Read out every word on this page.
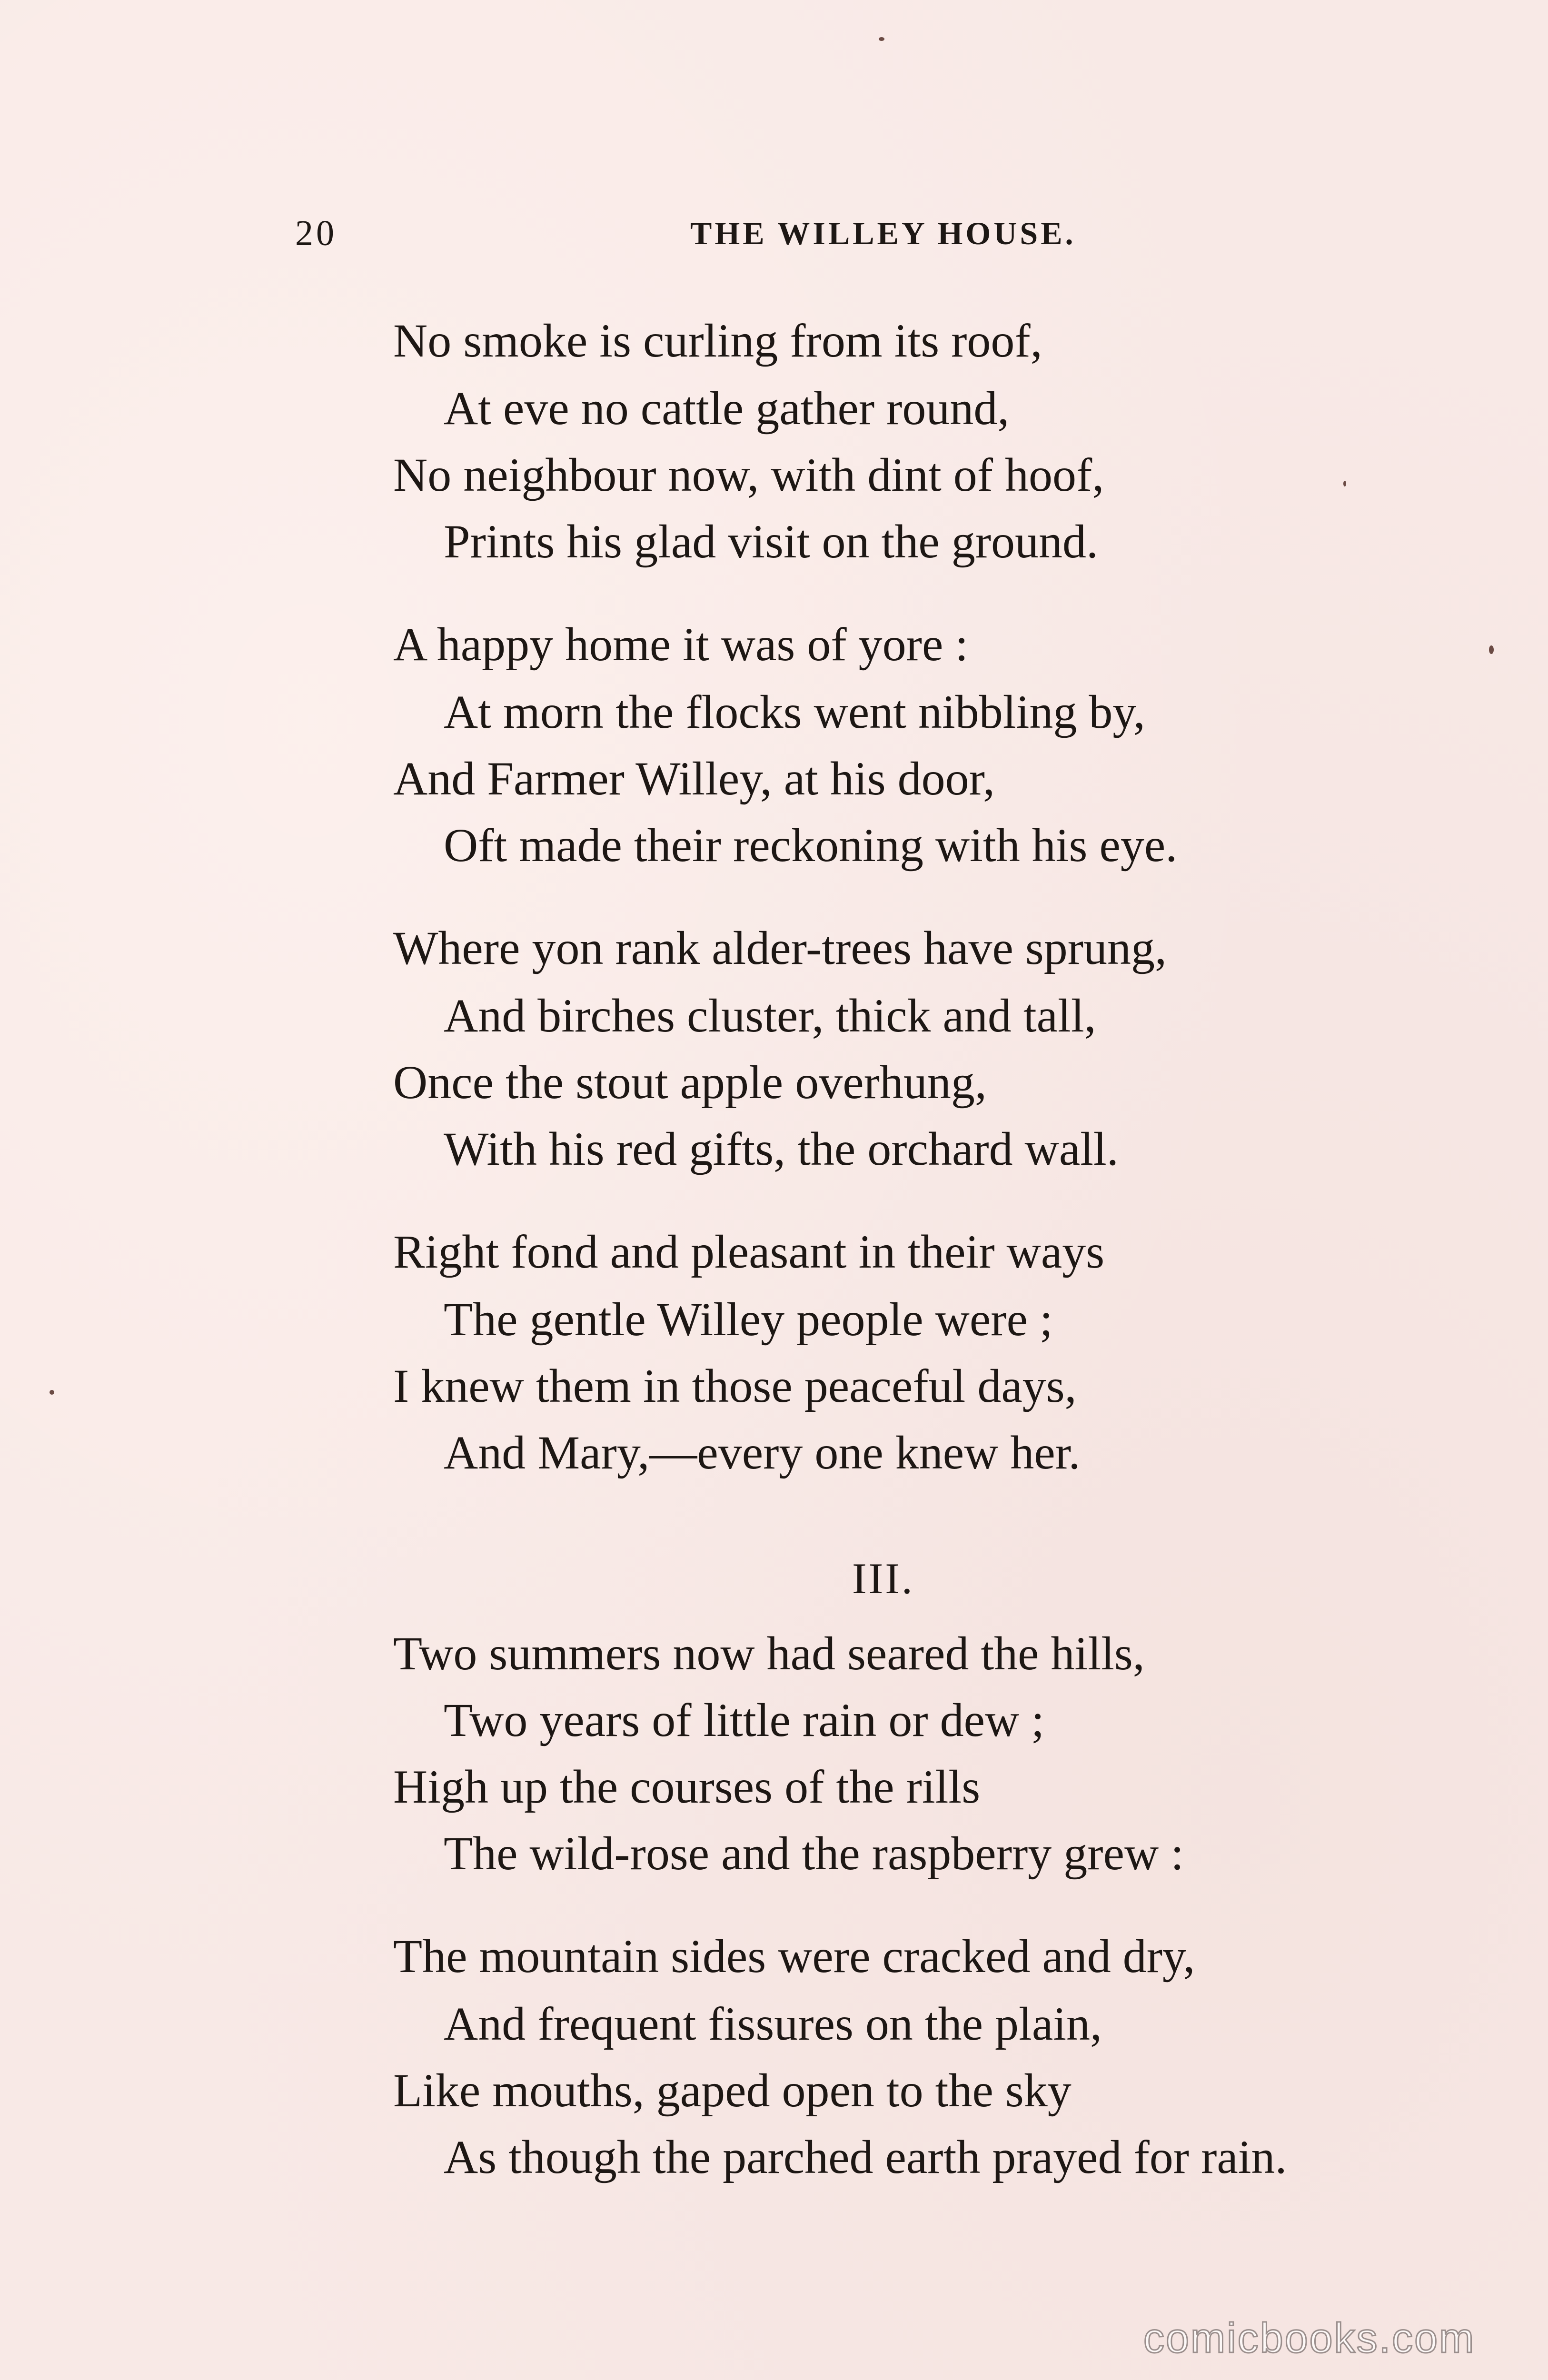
20	THE WILLEY HOUSE.
No smoke is curling from its roof,
At eve no cattle gather round,
No neighbour now, with dint of hoof,
Prints his glad visit on the ground.
A happy home it was of yore :
At morn the flocks went nibbling by,
And Farmer Willey, at his door,
Oft made their reckoning with his eye.
Where yon rank alder-trees have sprung,
And birches cluster, thick and tall,
Once the stout apple overhung,
With his red gifts, the orchard wall.
Right fond and pleasant in their ways
The gentle Willey people were ;
I knew them in those peaceful days,
And Mary,—every one knew her.
III.
Two summers now had seared the hills,
Two years of little rain or dew ;
High up the courses of the rills
The wild-rose and the raspberry grew :
The mountain sides were cracked and dry,
And frequent fissures on the plain,
Like mouths, gaped open to the sky
As though the parched earth prayed for rain.
comicbooks.com
